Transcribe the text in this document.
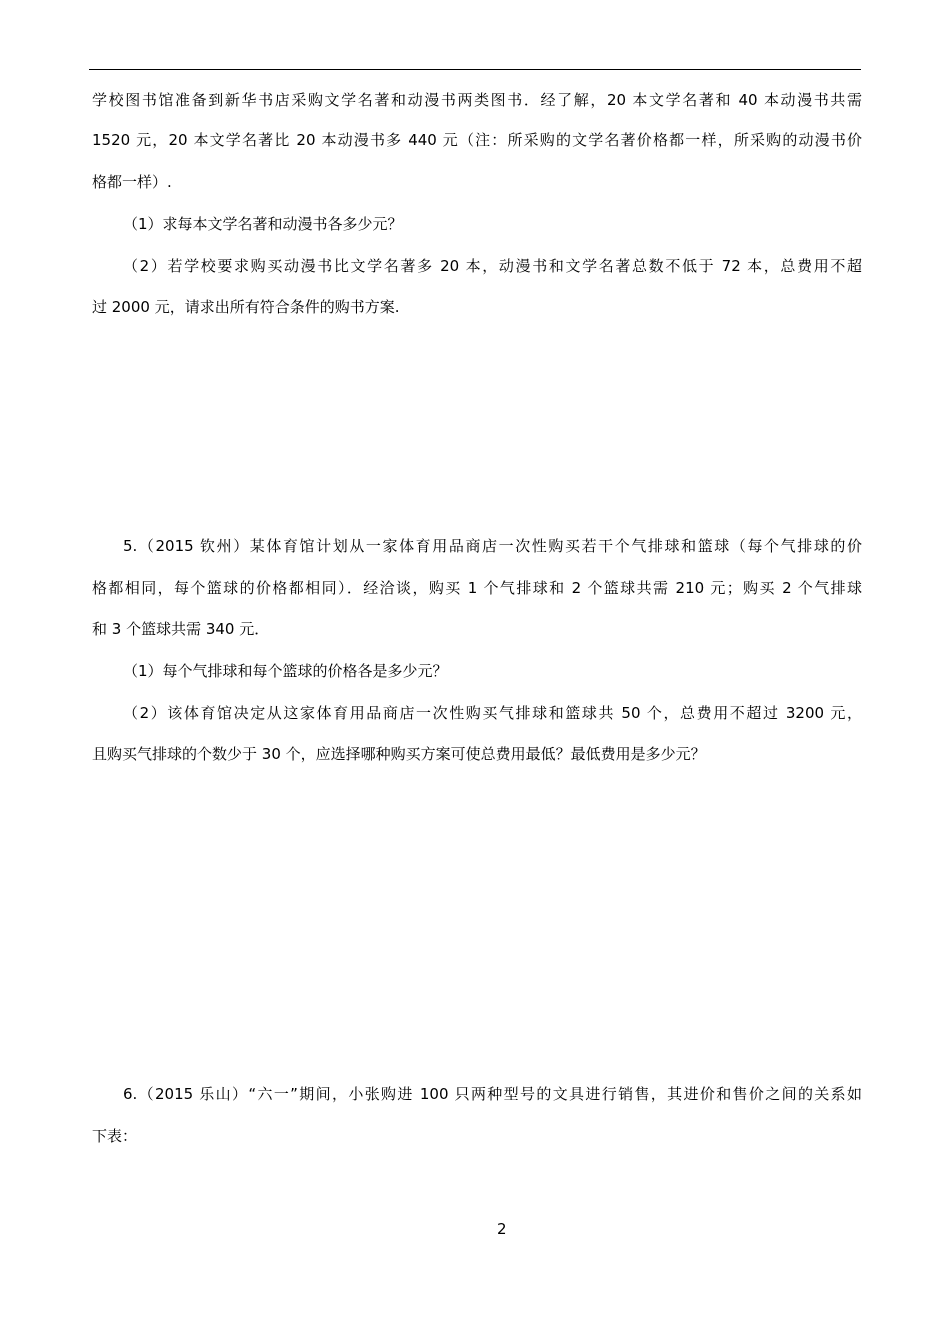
学校图书馆准备到新华书店采购文学名著和动漫书两类图书．经了解，20 本文学名著和 40 本动漫书共需
1520 元，20 本文学名著比 20 本动漫书多 440 元（注：所采购的文学名著价格都一样，所采购的动漫书价
格都一样）.
（1）求每本文学名著和动漫书各多少元？
（2）若学校要求购买动漫书比文学名著多 20 本，动漫书和文学名著总数不低于 72 本，总费用不超
过 2000 元，请求出所有符合条件的购书方案.
5.（2015 钦州）某体育馆计划从一家体育用品商店一次性购买若干个气排球和篮球（每个气排球的价
格都相同，每个篮球的价格都相同）．经洽谈，购买 1 个气排球和 2 个篮球共需 210 元；购买 2 个气排球
和 3 个篮球共需 340 元．
（1）每个气排球和每个篮球的价格各是多少元？
（2）该体育馆决定从这家体育用品商店一次性购买气排球和篮球共 50 个，总费用不超过 3200 元，
且购买气排球的个数少于 30 个，应选择哪种购买方案可使总费用最低？最低费用是多少元？
6.（2015 乐山）“六一”期间，小张购进 100 只两种型号的文具进行销售，其进价和售价之间的关系如
下表：
2
